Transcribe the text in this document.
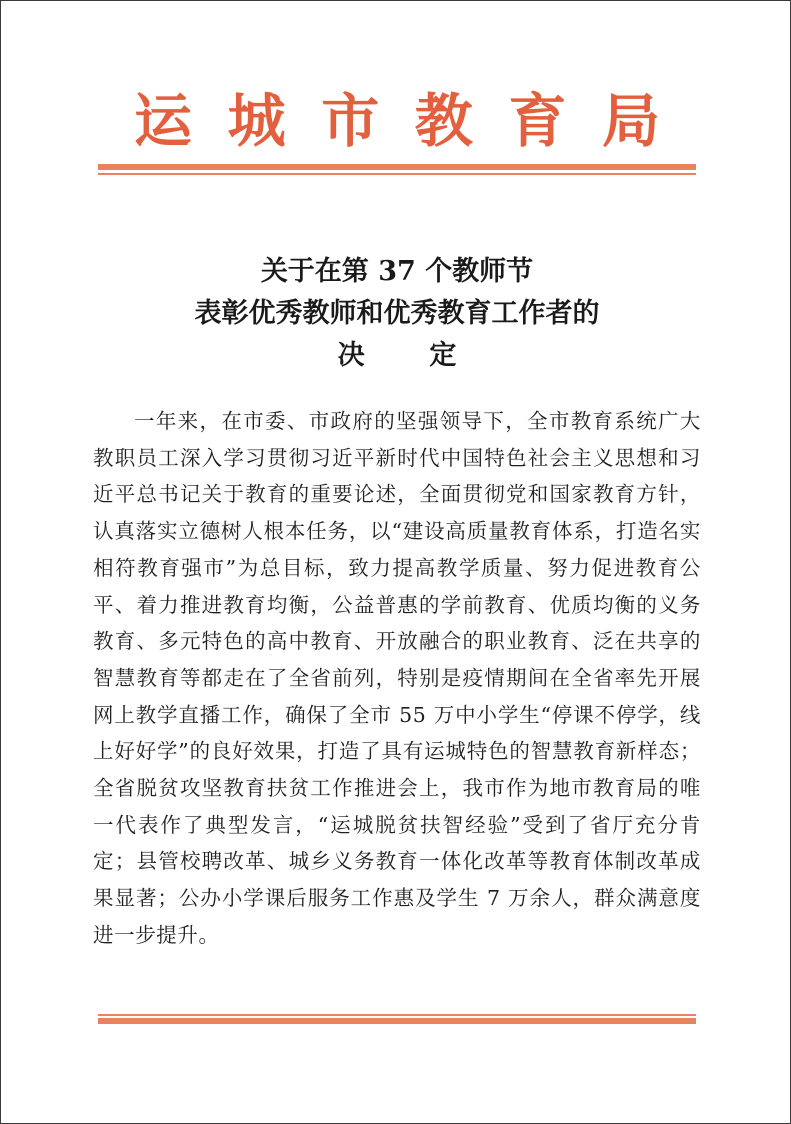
运 城 市 教 育 局
关于在第 37 个教师节
表彰优秀教师和优秀教育工作者的
决定

一年来，在市委、市政府的坚强领导下，全市教育系统广大教职员工深入学习贯彻习近平新时代中国特色社会主义思想和习近平总书记关于教育的重要论述，全面贯彻党和国家教育方针，认真落实立德树人根本任务，以“建设高质量教育体系，打造名实相符教育强市”为总目标，致力提高教学质量、努力促进教育公平、着力推进教育均衡，公益普惠的学前教育、优质均衡的义务教育、多元特色的高中教育、开放融合的职业教育、泛在共享的智慧教育等都走在了全省前列，特别是疫情期间在全省率先开展网上教学直播工作，确保了全市 55 万中小学生“停课不停学，线上好好学”的良好效果，打造了具有运城特色的智慧教育新样态；全省脱贫攻坚教育扶贫工作推进会上，我市作为地市教育局的唯一代表作了典型发言，“运城脱贫扶智经验”受到了省厅充分肯定；县管校聘改革、城乡义务教育一体化改革等教育体制改革成果显著；公办小学课后服务工作惠及学生 7 万余人，群众满意度进一步提升。
